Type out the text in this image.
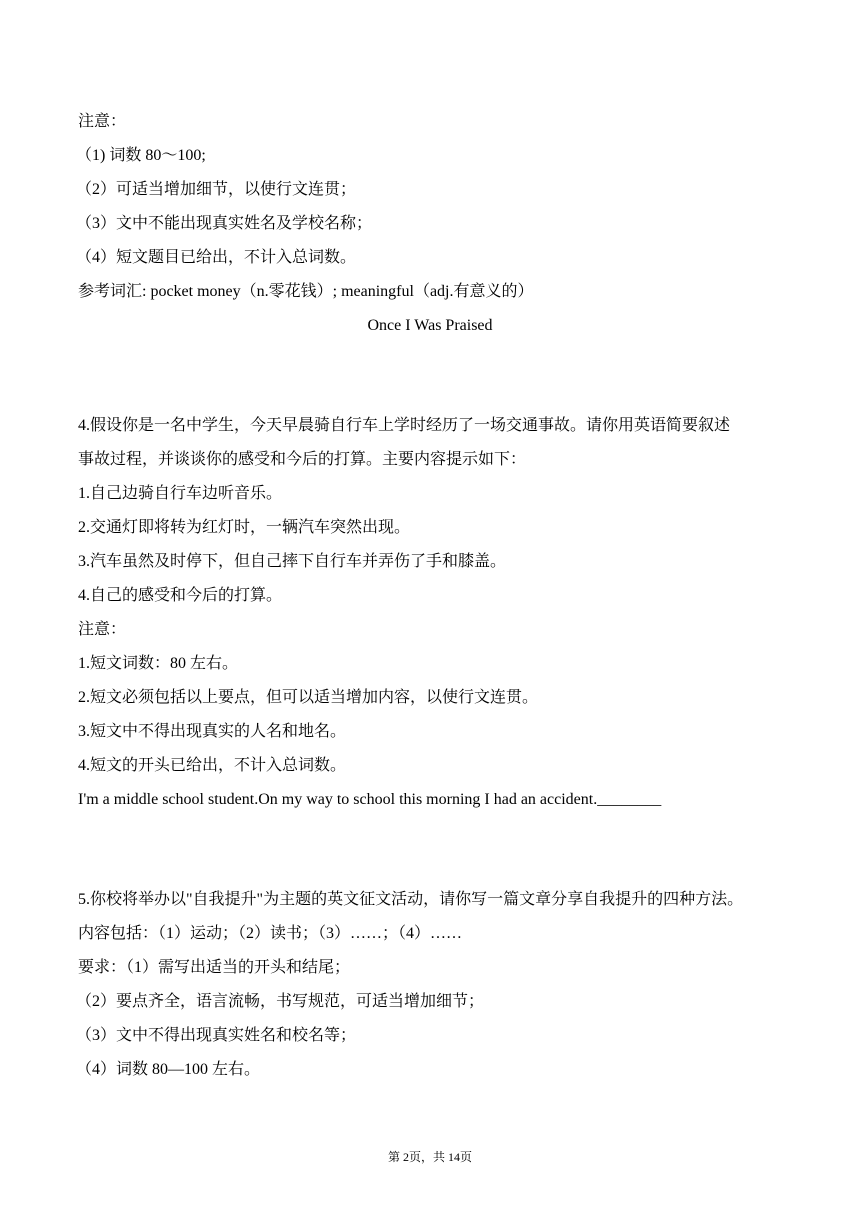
注意：
（1) 词数 80～100;
（2）可适当增加细节，以使行文连贯；
（3）文中不能出现真实姓名及学校名称；
（4）短文题目已给出，不计入总词数。
参考词汇: pocket money（n.零花钱）; meaningful（adj.有意义的）
Once I Was Praised
4.假设你是一名中学生，今天早晨骑自行车上学时经历了一场交通事故。请你用英语简要叙述
事故过程，并谈谈你的感受和今后的打算。主要内容提示如下：
1.自己边骑自行车边听音乐。
2.交通灯即将转为红灯时，一辆汽车突然出现。
3.汽车虽然及时停下，但自己摔下自行车并弄伤了手和膝盖。
4.自己的感受和今后的打算。
注意：
1.短文词数：80 左右。
2.短文必须包括以上要点，但可以适当增加内容，以使行文连贯。
3.短文中不得出现真实的人名和地名。
4.短文的开头已给出，不计入总词数。
I'm a middle school student.On my way to school this morning I had an accident.________
5.你校将举办以"自我提升"为主题的英文征文活动，请你写一篇文章分享自我提升的四种方法。
内容包括：（1）运动；（2）读书；（3）……；（4）……
要求：（1）需写出适当的开头和结尾；
（2）要点齐全，语言流畅，书写规范，可适当增加细节；
（3）文中不得出现真实姓名和校名等；
（4）词数 80—100 左右。
第 2页，共 14页
